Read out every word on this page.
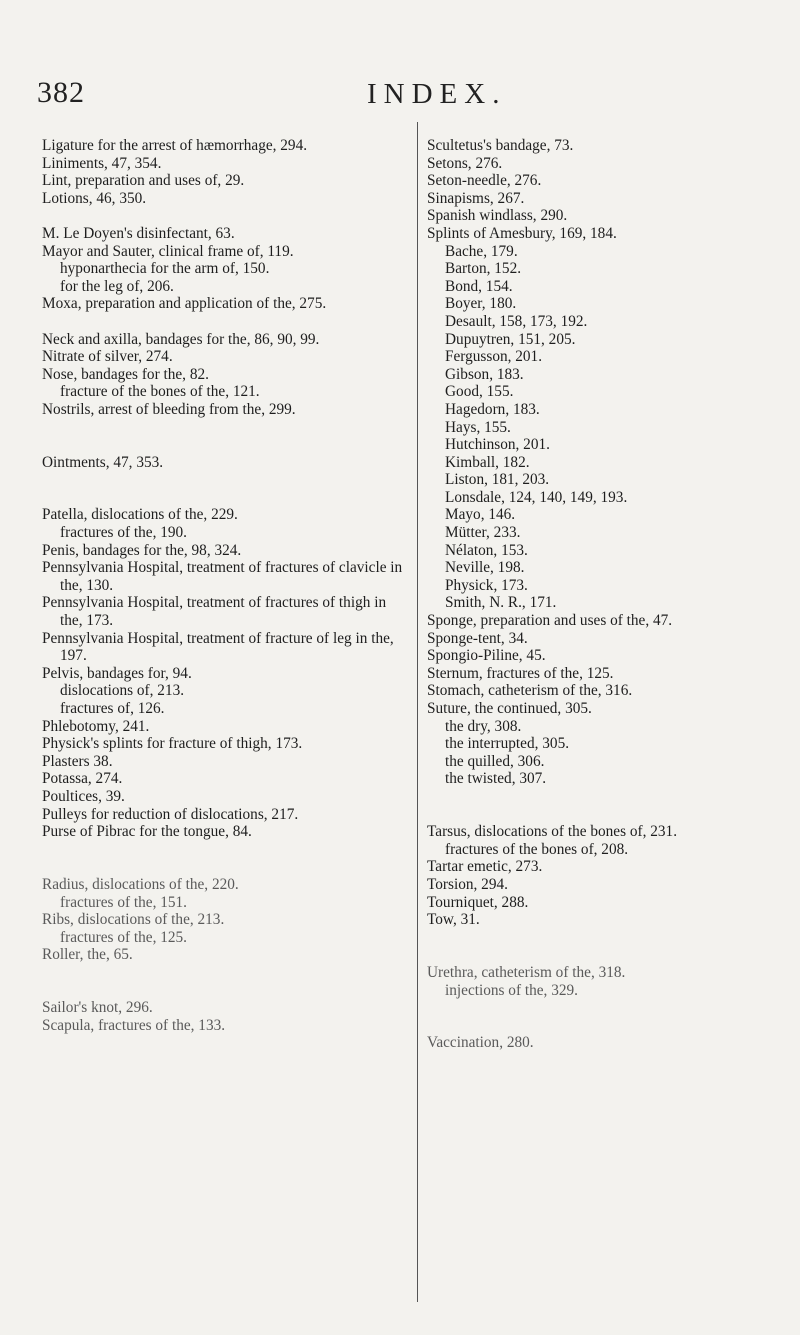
382	INDEX.
Ligature for the arrest of hæmorrhage, 294.
Liniments, 47, 354.
Lint, preparation and uses of, 29.
Lotions, 46, 350.
M. Le Doyen's disinfectant, 63.
Mayor and Sauter, clinical frame of, 119.
hyponarthecia for the arm of, 150.
for the leg of, 206.
Moxa, preparation and application of the, 275.
Neck and axilla, bandages for the, 86, 90, 99.
Nitrate of silver, 274.
Nose, bandages for the, 82.
fracture of the bones of the, 121.
Nostrils, arrest of bleeding from the, 299.
Ointments, 47, 353.
Patella, dislocations of the, 229.
fractures of the, 190.
Penis, bandages for the, 98, 324.
Pennsylvania Hospital, treatment of fractures of clavicle in the, 130.
Pennsylvania Hospital, treatment of fractures of thigh in the, 173.
Pennsylvania Hospital, treatment of fracture of leg in the, 197.
Pelvis, bandages for, 94.
dislocations of, 213.
fractures of, 126.
Phlebotomy, 241.
Physick's splints for fracture of thigh, 173.
Plasters 38.
Potassa, 274.
Poultices, 39.
Pulleys for reduction of dislocations, 217.
Purse of Pibrac for the tongue, 84.
Radius, dislocations of the, 220.
fractures of the, 151.
Ribs, dislocations of the, 213.
fractures of the, 125.
Roller, the, 65.
Sailor's knot, 296.
Scapula, fractures of the, 133.
Scultetus's bandage, 73.
Setons, 276.
Seton-needle, 276.
Sinapisms, 267.
Spanish windlass, 290.
Splints of Amesbury, 169, 184.
Bache, 179.
Barton, 152.
Bond, 154.
Boyer, 180.
Desault, 158, 173, 192.
Dupuytren, 151, 205.
Fergusson, 201.
Gibson, 183.
Good, 155.
Hagedorn, 183.
Hays, 155.
Hutchinson, 201.
Kimball, 182.
Liston, 181, 203.
Lonsdale, 124, 140, 149, 193.
Mayo, 146.
Mütter, 233.
Nélaton, 153.
Neville, 198.
Physick, 173.
Smith, N. R., 171.
Sponge, preparation and uses of the, 47.
Sponge-tent, 34.
Spongio-Piline, 45.
Sternum, fractures of the, 125.
Stomach, catheterism of the, 316.
Suture, the continued, 305.
the dry, 308.
the interrupted, 305.
the quilled, 306.
the twisted, 307.
Tarsus, dislocations of the bones of, 231.
fractures of the bones of, 208.
Tartar emetic, 273.
Torsion, 294.
Tourniquet, 288.
Tow, 31.
Urethra, catheterism of the, 318.
injections of the, 329.
Vaccination, 280.
